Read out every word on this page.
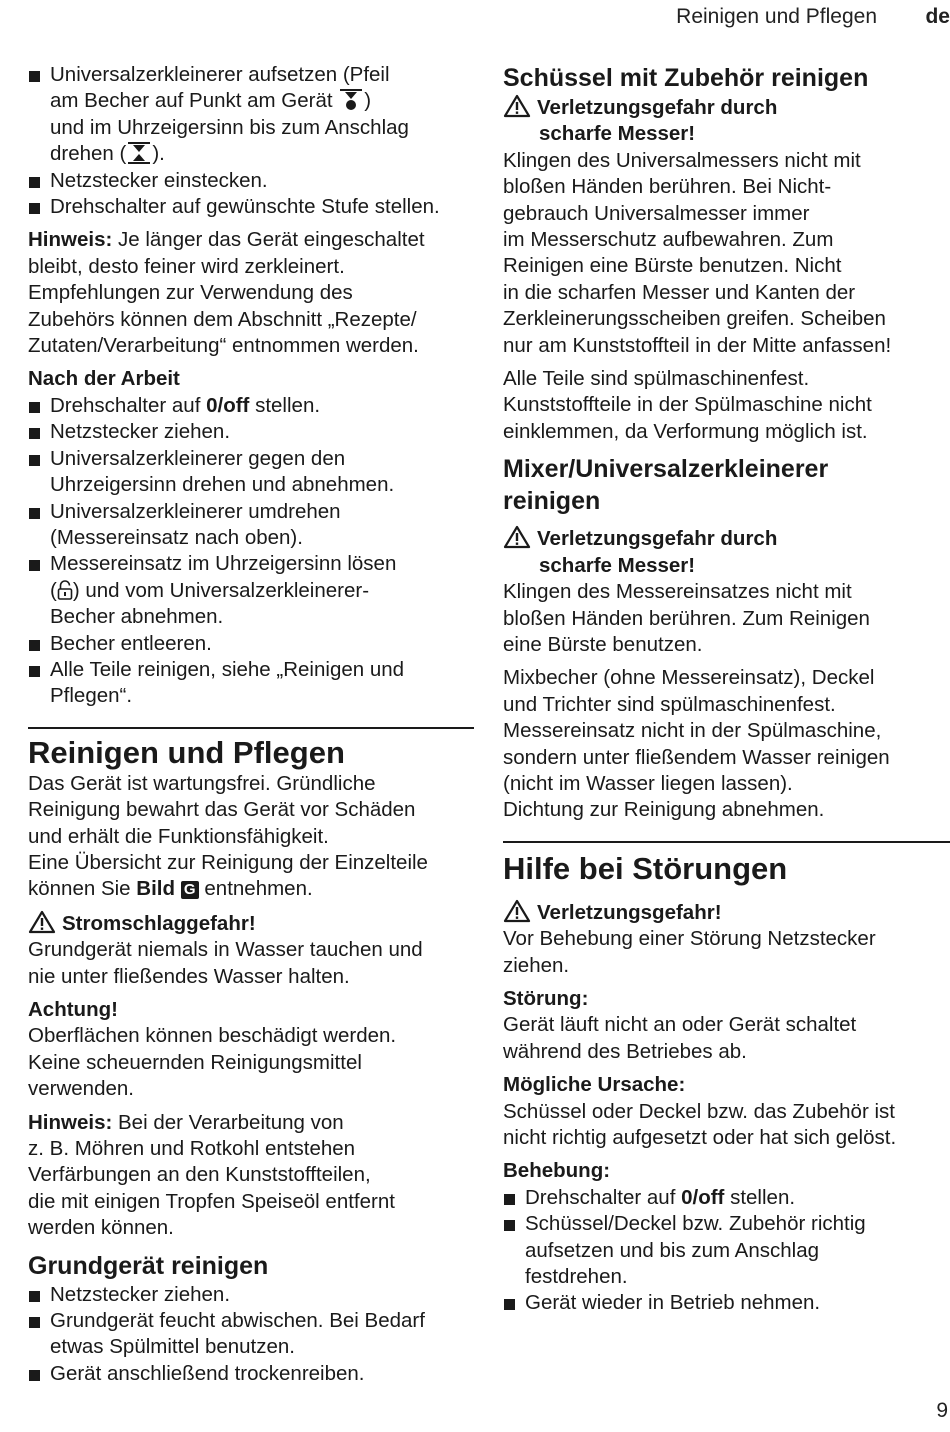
Reinigen und Pflegen de
Universalzerkleinerer aufsetzen (Pfeil
am Becher auf Punkt am Gerät )
und im Uhrzeigersinn bis zum Anschlag
drehen ( ).
Netzstecker einstecken.
Drehschalter auf gewünschte Stufe stellen.

Hinweis: Je länger das Gerät eingeschaltet
bleibt, desto feiner wird zerkleinert.
Empfehlungen zur Verwendung des
Zubehörs können dem Abschnitt „Rezepte/
Zutaten/Verarbeitung“ entnommen werden.

Nach der Arbeit

Drehschalter auf 0/off stellen.
Netzstecker ziehen.
Universalzerkleinerer gegen den
Uhrzeigersinn drehen und abnehmen.
Universalzerkleinerer umdrehen
(Messereinsatz nach oben).
Messereinsatz im Uhrzeigersinn lösen
( ) und vom Universalzerkleinerer-
Becher abnehmen.
Becher entleeren.
Alle Teile reinigen, siehe „Reinigen und
Pflegen“.
Reinigen und Pflegen

Das Gerät ist wartungsfrei. Gründliche
Reinigung bewahrt das Gerät vor Schäden
und erhält die Funktionsfähigkeit.
Eine Übersicht zur Reinigung der Einzelteile
können Sie Bild G entnehmen.

Stromschlaggefahr!

Grundgerät niemals in Wasser tauchen und
nie unter fließendes Wasser halten.

Achtung!

Oberflächen können beschädigt werden.
Keine scheuernden Reinigungsmittel
verwenden.

Hinweis: Bei der Verarbeitung von
z. B. Möhren und Rotkohl entstehen
Verfärbungen an den Kunststoffteilen,
die mit einigen Tropfen Speiseöl entfernt
werden können.

Grundgerät reinigen
Netzstecker ziehen.
Grundgerät feucht abwischen. Bei Bedarf
etwas Spülmittel benutzen.
Gerät anschließend trockenreiben.
Schüssel mit Zubehör reinigen

Verletzungsgefahr durch

scharfe Messer!

Klingen des Universalmessers nicht mit
bloßen Händen berühren. Bei Nicht-
gebrauch Universalmesser immer
im Messerschutz aufbewahren. Zum
Reinigen eine Bürste benutzen. Nicht
in die scharfen Messer und Kanten der
Zerkleinerungsscheiben greifen. Scheiben
nur am Kunststoffteil in der Mitte anfassen!

Alle Teile sind spülmaschinenfest.
Kunststoffteile in der Spülmaschine nicht
einklemmen, da Verformung möglich ist.

Mixer/Universalzerkleinerer
reinigen

Verletzungsgefahr durch

scharfe Messer!

Klingen des Messereinsatzes nicht mit
bloßen Händen berühren. Zum Reinigen
eine Bürste benutzen.

Mixbecher (ohne Messereinsatz), Deckel
und Trichter sind spülmaschinenfest.
Messereinsatz nicht in der Spülmaschine,
sondern unter fließendem Wasser reinigen
(nicht im Wasser liegen lassen).
Dichtung zur Reinigung abnehmen.

Hilfe bei Störungen

Verletzungsgefahr!

Vor Behebung einer Störung Netzstecker
ziehen.

Störung:

Gerät läuft nicht an oder Gerät schaltet
während des Betriebes ab.

Mögliche Ursache:

Schüssel oder Deckel bzw. das Zubehör ist
nicht richtig aufgesetzt oder hat sich gelöst.

Behebung:

Drehschalter auf 0/off stellen.
Schüssel/Deckel bzw. Zubehör richtig
aufsetzen und bis zum Anschlag
festdrehen.
Gerät wieder in Betrieb nehmen.
9
